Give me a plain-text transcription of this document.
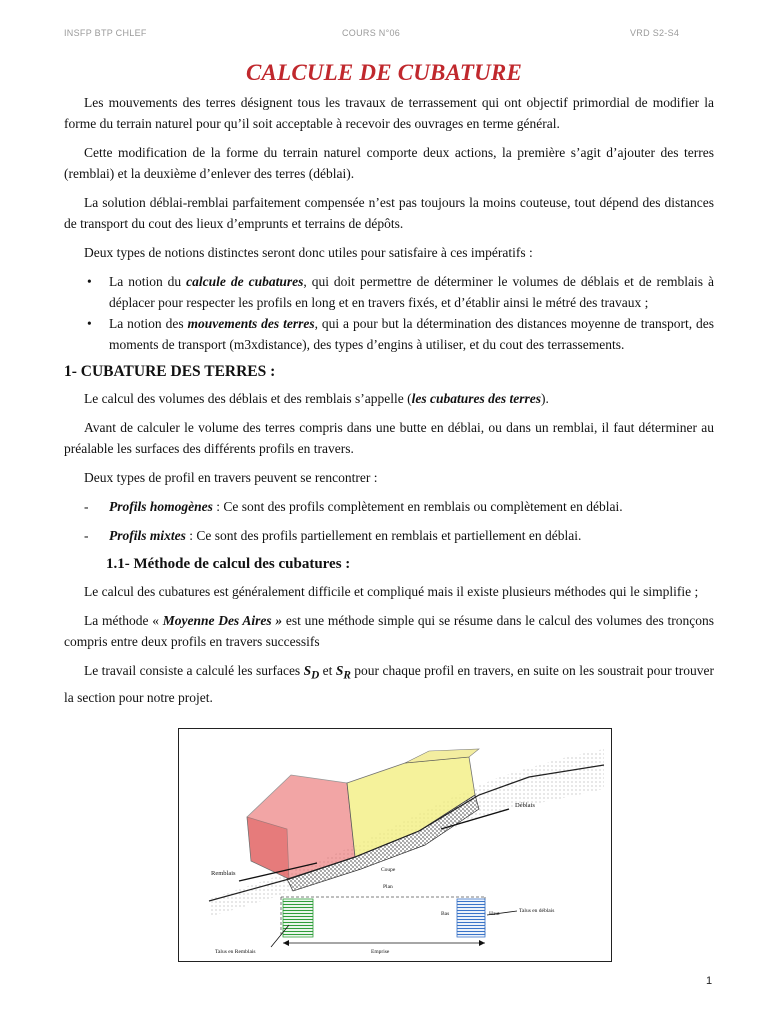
INSFP BTP CHLEF	COURS N°06	VRD S2-S4
CALCULE DE CUBATURE

Les mouvements des terres désignent tous les travaux de terrassement qui ont objectif primordial de modifier la forme du terrain naturel pour qu’il soit acceptable à recevoir des ouvrages en terme général.

Cette modification de la forme du terrain naturel comporte deux actions, la première s’agit d’ajouter des terres (remblai) et la deuxième d’enlever des terres (déblai).

La solution déblai-remblai parfaitement compensée n’est pas toujours la moins couteuse, tout dépend des distances de transport du cout des lieux d’emprunts et terrains de dépôts.

Deux types de notions distinctes seront donc utiles pour satisfaire à ces impératifs :

• La notion du calcule de cubatures, qui doit permettre de déterminer le volumes de déblais et de remblais à déplacer pour respecter les profils en long et en travers fixés, et d’établir ainsi le métré des travaux ;
• La notion des mouvements des terres, qui a pour but la détermination des distances moyenne de transport, des moments de transport (m3xdistance), des types d’engins à utiliser, et du cout des terrassements.
1- CUBATURE DES TERRES :

Le calcul des volumes des déblais et des remblais s’appelle (les cubatures des terres).

Avant de calculer le volume des terres compris dans une butte en déblai, ou dans un remblai, il faut déterminer au préalable les surfaces des différents profils en travers.

Deux types de profil en travers peuvent se rencontrer :

-	Profils homogènes : Ce sont des profils complètement en remblais ou complètement en déblai.
-	Profils mixtes : Ce sont des profils partiellement en remblais et partiellement en déblai.
1.1- Méthode de calcul des cubatures :

Le calcul des cubatures est généralement difficile et compliqué mais il existe plusieurs méthodes qui le simplifie ;

La méthode « Moyenne Des Aires » est une méthode simple qui se résume dans le calcul des volumes des tronçons compris entre deux profils en travers successifs

Le travail consiste a calculé les surfaces $S_D$ et $S_R$ pour chaque profil en travers, en suite on les soustrait pour trouver la section pour notre projet.

Déblais
Remblais	Coupe
Plan
Bas	Haut	Talus en déblais
Talus en Remblais	Emprise
1
